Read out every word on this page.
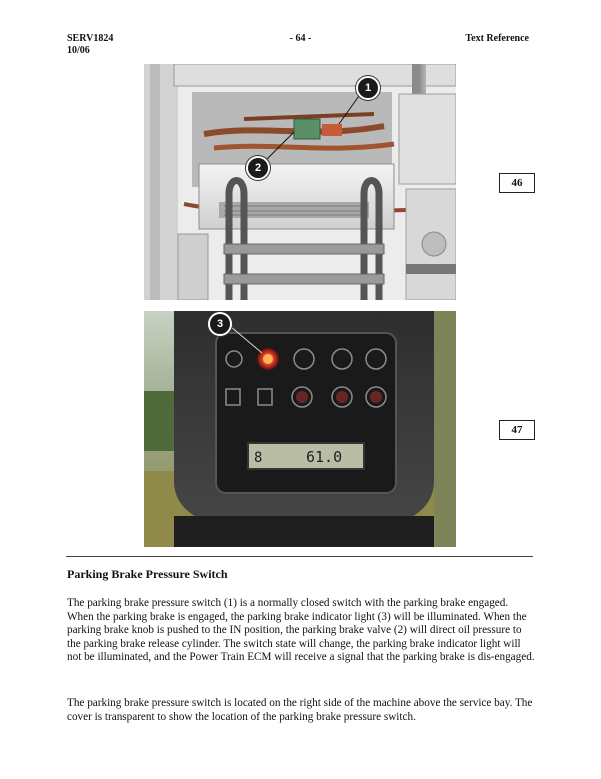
SERV1824
10/06
- 64 -	Text Reference
1
2
46
8	61.0
3
47
Parking Brake Pressure Switch

The parking brake pressure switch (1) is a normally closed switch with the parking brake engaged. When the parking brake is engaged, the parking brake indicator light (3) will be illuminated. When the parking brake knob is pushed to the IN position, the parking brake valve (2) will direct oil pressure to the parking brake release cylinder. The switch state will change, the parking brake indicator light will not be illuminated, and the Power Train ECM will receive a signal that the parking brake is dis-engaged.

The parking brake pressure switch is located on the right side of the machine above the service bay. The cover is transparent to show the location of the parking brake pressure switch.
